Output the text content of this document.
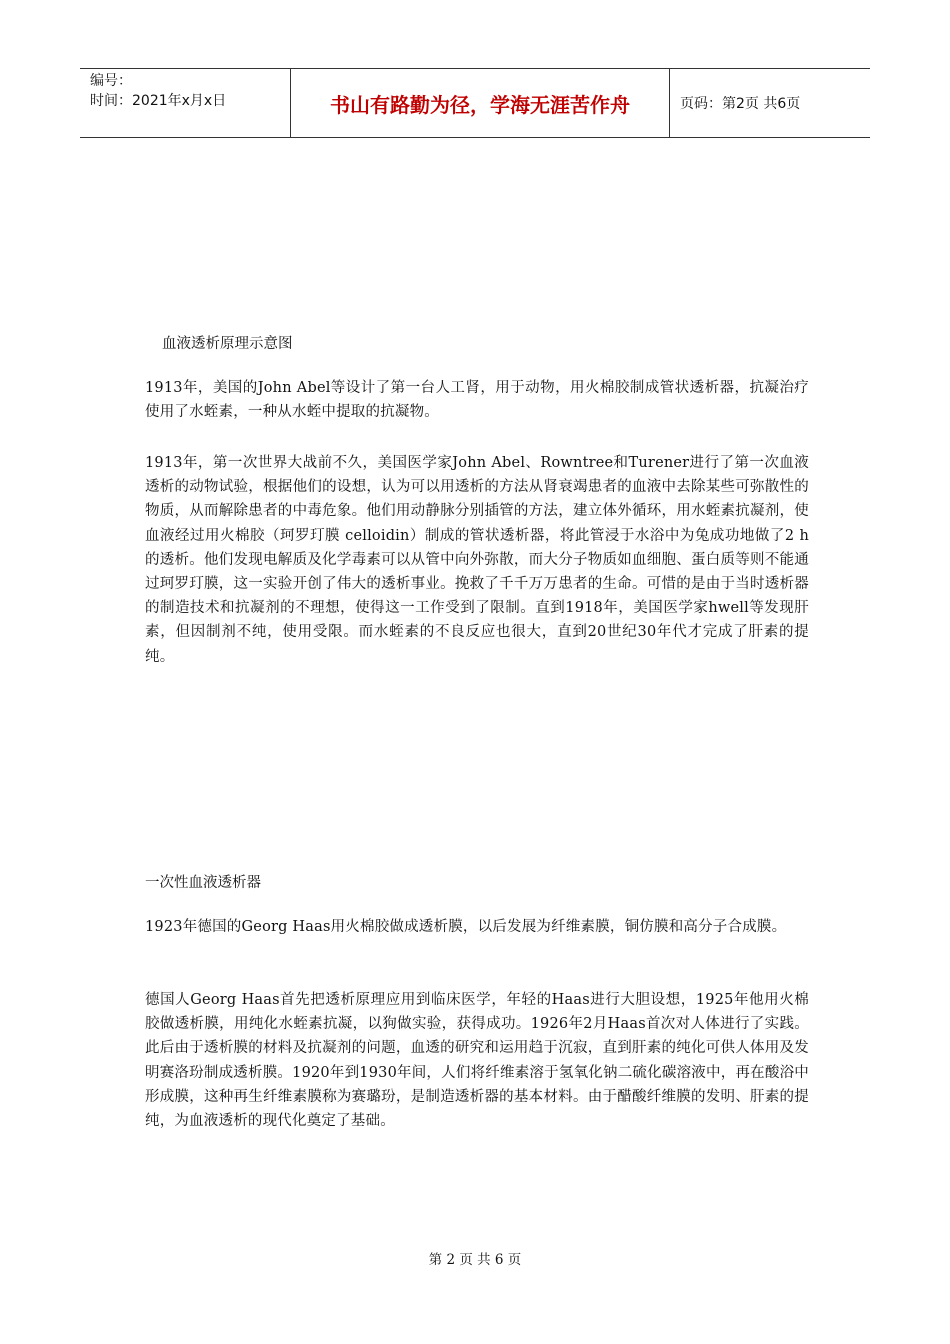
编号：
时间：2021年x月x日	书山有路勤为径，学海无涯苦作舟	页码：第2页 共6页
血液透析原理示意图
1913年，美国的John Abel等设计了第一台人工肾，用于动物，用火棉胶制成管状透析器，抗凝治疗使用了水蛭素，一种从水蛭中提取的抗凝物。
1913年，第一次世界大战前不久，美国医学家John Abel、Rowntree和Turener进行了第一次血液透析的动物试验，根据他们的设想，认为可以用透析的方法从肾衰竭患者的血液中去除某些可弥散性的物质，从而解除患者的中毒危象。他们用动静脉分别插管的方法，建立体外循环，用水蛭素抗凝剂，使血液经过用火棉胶（珂罗玎膜 celloidin）制成的管状透析器，将此管浸于水浴中为兔成功地做了2 h的透析。他们发现电解质及化学毒素可以从管中向外弥散，而大分子物质如血细胞、蛋白质等则不能通过珂罗玎膜，这一实验开创了伟大的透析事业。挽救了千千万万患者的生命。可惜的是由于当时透析器的制造技术和抗凝剂的不理想，使得这一工作受到了限制。直到1918年，美国医学家hwell等发现肝素，但因制剂不纯，使用受限。而水蛭素的不良反应也很大，直到20世纪30年代才完成了肝素的提纯。
一次性血液透析器
1923年德国的Georg Haas用火棉胶做成透析膜，以后发展为纤维素膜，铜仿膜和高分子合成膜。
德国人Georg Haas首先把透析原理应用到临床医学，年轻的Haas进行大胆设想，1925年他用火棉胶做透析膜，用纯化水蛭素抗凝，以狗做实验，获得成功。1926年2月Haas首次对人体进行了实践。此后由于透析膜的材料及抗凝剂的问题，血透的研究和运用趋于沉寂，直到肝素的纯化可供人体用及发明赛洛玢制成透析膜。1920年到1930年间，人们将纤维素溶于氢氧化钠二硫化碳溶液中，再在酸浴中形成膜，这种再生纤维素膜称为赛璐玢，是制造透析器的基本材料。由于醋酸纤维膜的发明、肝素的提纯，为血液透析的现代化奠定了基础。
第 2 页 共 6 页
